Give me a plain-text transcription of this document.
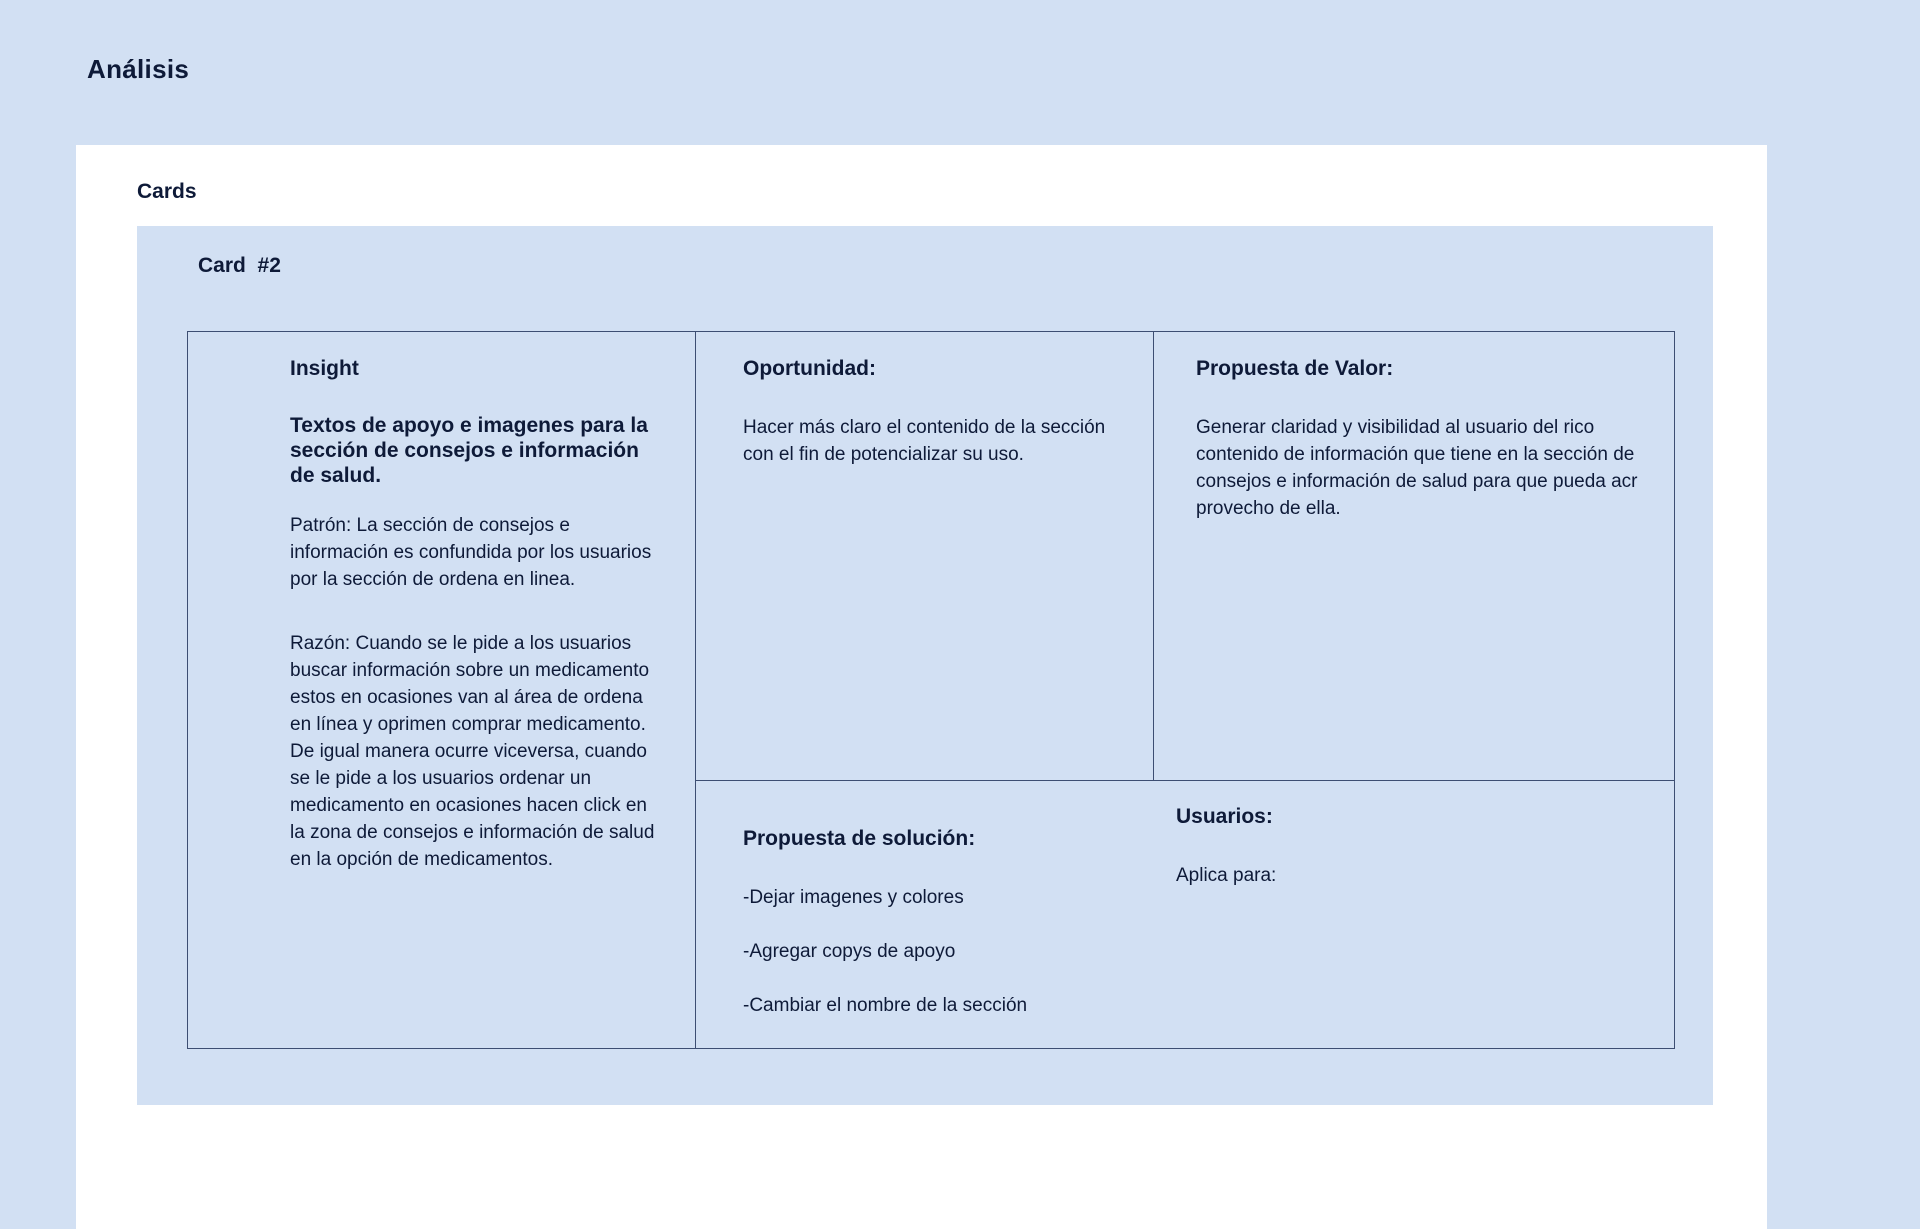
Análisis
Cards
Card  #2

Insight

Textos de apoyo e imagenes para la sección de consejos e información de salud.

Patrón: La sección de consejos e información es confundida por los usuarios por la sección de ordena en linea.

Razón: Cuando se le pide a los usuarios buscar información sobre un medicamento estos en ocasiones van al área de ordena en línea y oprimen comprar medicamento. De igual manera ocurre viceversa, cuando se le pide a los usuarios ordenar un medicamento en ocasiones hacen click en la zona de consejos e información de salud en la opción de medicamentos.

Oportunidad:

Hacer más claro el contenido de la sección con el fin de potencializar su uso.

Propuesta de Valor:

Generar claridad y visibilidad al usuario del rico contenido de información que tiene en la sección de consejos e información de salud para que pueda acr provecho de ella.

Propuesta de solución:

-Dejar imagenes y colores

-Agregar copys de apoyo

-Cambiar el nombre de la sección

Usuarios:

Aplica para:
